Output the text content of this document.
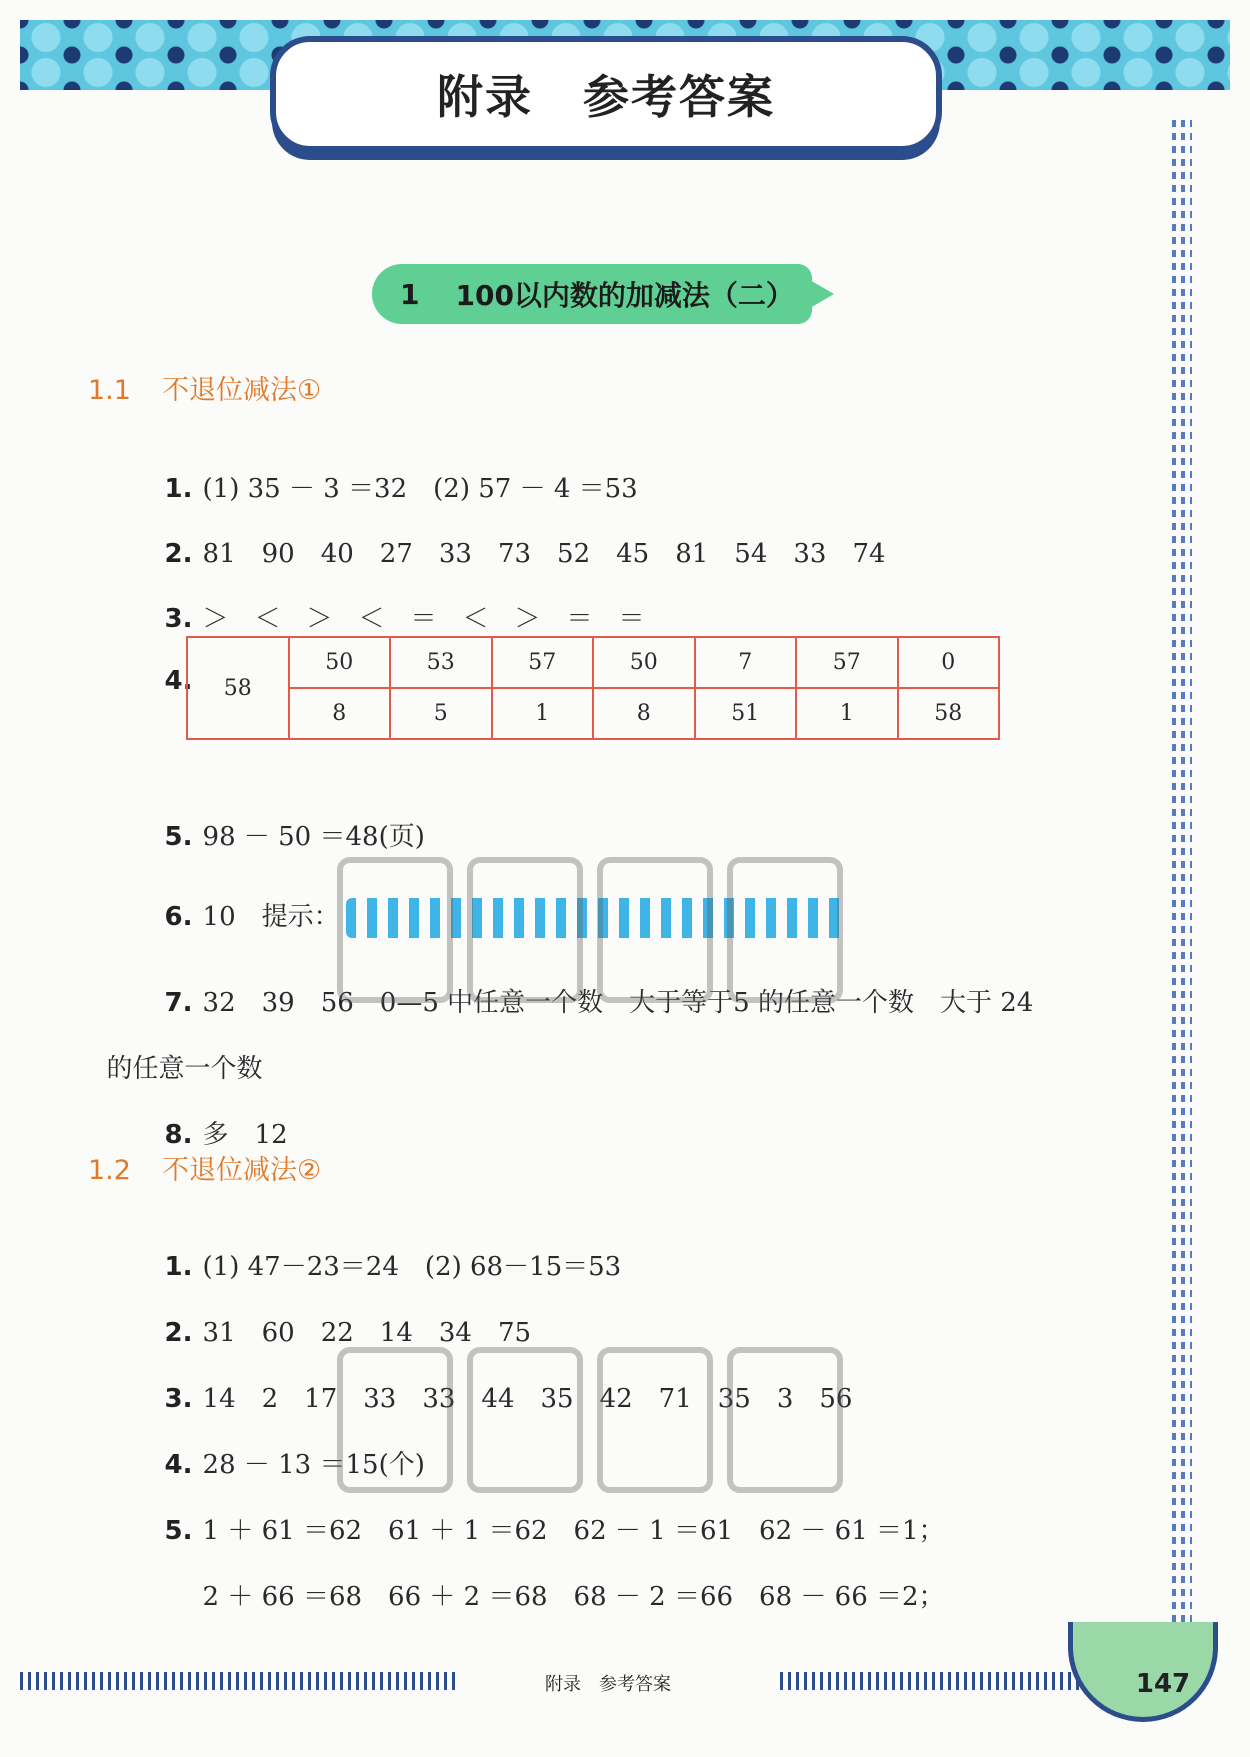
附录 参考答案
1 100以内数的加减法（二）
1.1 不退位减法①

1. (1) 35 － 3 ＝32　(2) 57 － 4 ＝53

2. 81　90　40　27　33　73　52　45　81　54　33　74

3. ＞　＜　＞　＜　＝　＜　＞　＝　＝

4.	58	50	53	57	50	7	57	0
	8	5	1	8	51	1	58

5. 98 － 50 ＝48(页)

6. 10　提示：

7. 32　39　56　0—5 中任意一个数　大于等于5 的任意一个数　大于 24

的任意一个数

8. 多　12

1.2 不退位减法②

1. (1) 47－23＝24　(2) 68－15＝53

2. 31　60　22　14　34　75

3. 14　2　17　33　33　44　35　42　71　35　3　56

4. 28 － 13 ＝15(个)

5. 1 ＋ 61 ＝62　61 ＋ 1 ＝62　62 － 1 ＝61　62 － 61 ＝1；

2 ＋ 66 ＝68　66 ＋ 2 ＝68　68 － 2 ＝66　68 － 66 ＝2；

附录　参考答案	147
